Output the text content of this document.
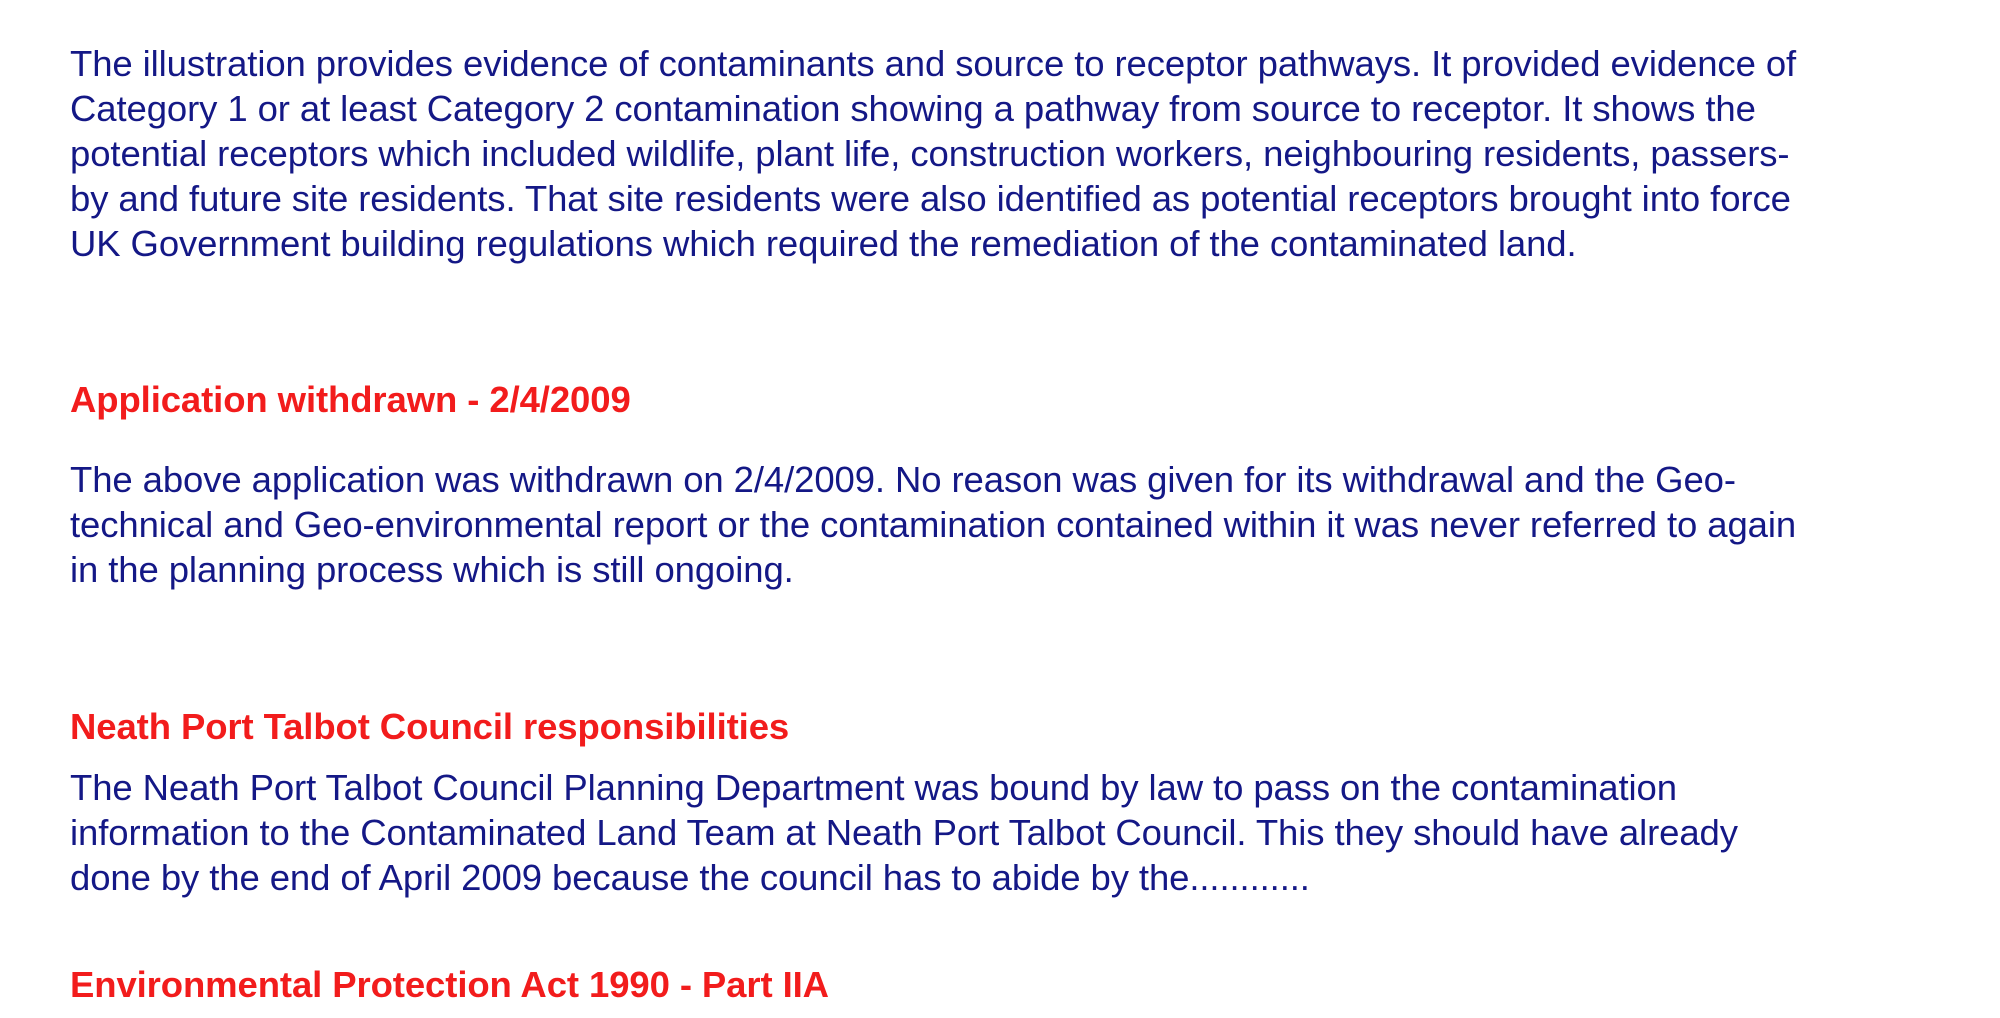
The illustration provides evidence of contaminants and source to receptor pathways. It provided evidence of

Category 1 or at least Category 2 contamination showing a pathway from source to receptor. It shows the

potential receptors which included wildlife, plant life, construction workers, neighbouring residents, passers-

by and future site residents. That site residents were also identified as potential receptors brought into force

UK Government building regulations which required the remediation of the contaminated land.

Application withdrawn - 2/4/2009

The above application was withdrawn on 2/4/2009. No reason was given for its withdrawal and the Geo-

technical and Geo-environmental report or the contamination contained within it was never referred to again

in the planning process which is still ongoing.

Neath Port Talbot Council responsibilities

The Neath Port Talbot Council Planning Department was bound by law to pass on the contamination

information to the Contaminated Land Team at Neath Port Talbot Council. This they should have already

done by the end of April 2009 because the council has to abide by the............

Environmental Protection Act 1990 - Part IIA
